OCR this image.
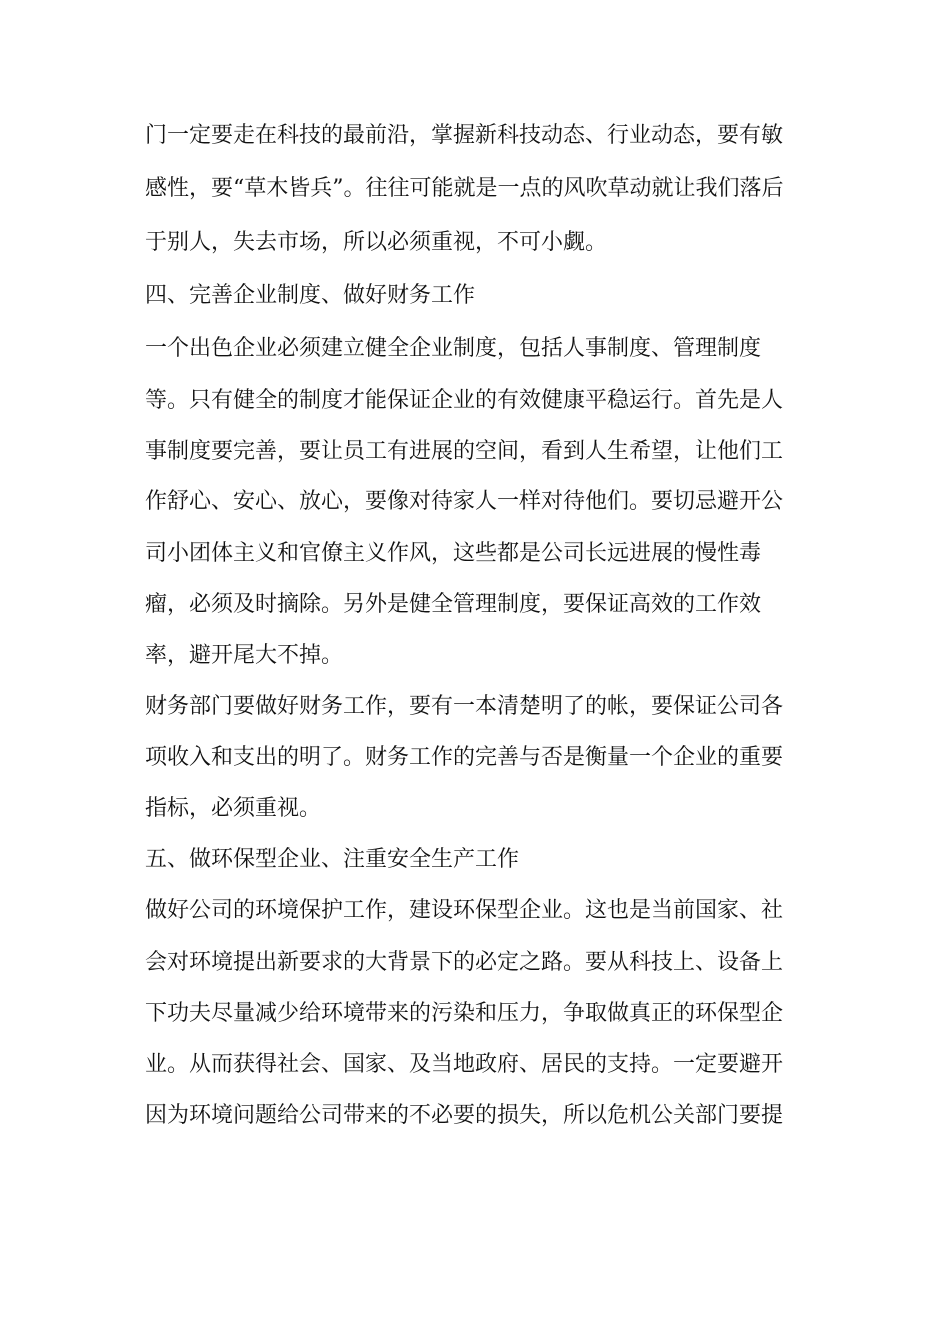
门一定要走在科技的最前沿，掌握新科技动态、行业动态，要有敏
感性，要“草木皆兵”。往往可能就是一点的风吹草动就让我们落后
于别人，失去市场，所以必须重视，不可小觑。
四、完善企业制度、做好财务工作
一个出色企业必须建立健全企业制度，包括人事制度、管理制度
等。只有健全的制度才能保证企业的有效健康平稳运行。首先是人
事制度要完善，要让员工有进展的空间，看到人生希望，让他们工
作舒心、安心、放心，要像对待家人一样对待他们。要切忌避开公
司小团体主义和官僚主义作风，这些都是公司长远进展的慢性毒
瘤，必须及时摘除。另外是健全管理制度，要保证高效的工作效
率，避开尾大不掉。
财务部门要做好财务工作，要有一本清楚明了的帐，要保证公司各
项收入和支出的明了。财务工作的完善与否是衡量一个企业的重要
指标，必须重视。
五、做环保型企业、注重安全生产工作
做好公司的环境保护工作，建设环保型企业。这也是当前国家、社
会对环境提出新要求的大背景下的必定之路。要从科技上、设备上
下功夫尽量减少给环境带来的污染和压力，争取做真正的环保型企
业。从而获得社会、国家、及当地政府、居民的支持。一定要避开
因为环境问题给公司带来的不必要的损失，所以危机公关部门要提
